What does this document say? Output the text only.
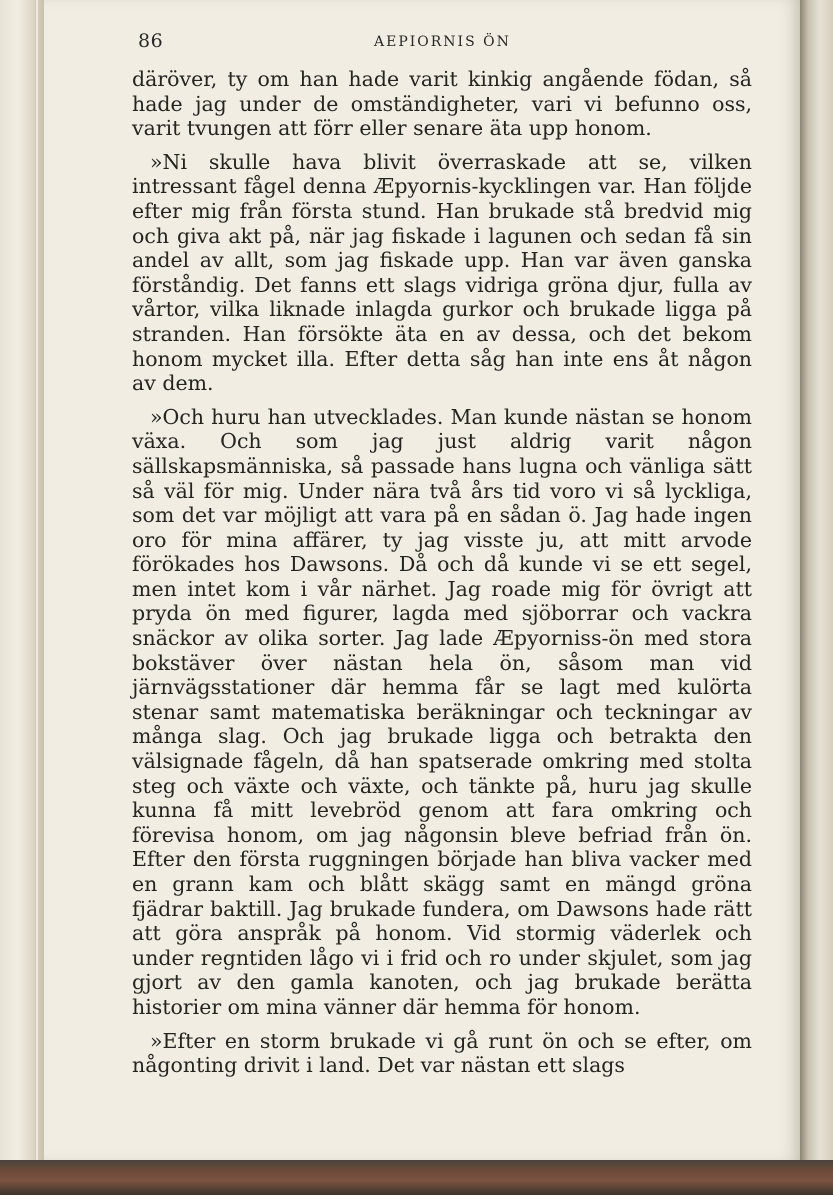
86	AEPIORNIS ÖN

däröver, ty om han hade varit kinkig angående födan, så hade jag under de omständigheter, vari vi befunno oss, varit tvungen att förr eller senare äta upp honom.

»Ni skulle hava blivit överraskade att se, vilken intressant fågel denna Æpyornis-kycklingen var. Han följde efter mig från första stund. Han brukade stå bredvid mig och giva akt på, när jag fiskade i lagunen och sedan få sin andel av allt, som jag fiskade upp. Han var även ganska förståndig. Det fanns ett slags vidriga gröna djur, fulla av vårtor, vilka liknade inlagda gurkor och brukade ligga på stranden. Han försökte äta en av dessa, och det bekom honom mycket illa. Efter detta såg han inte ens åt någon av dem.

»Och huru han utvecklades. Man kunde nästan se honom växa. Och som jag just aldrig varit någon sällskapsmänniska, så passade hans lugna och vänliga sätt så väl för mig. Under nära två års tid voro vi så lyckliga, som det var möjligt att vara på en sådan ö. Jag hade ingen oro för mina affärer, ty jag visste ju, att mitt arvode förökades hos Dawsons. Då och då kunde vi se ett segel, men intet kom i vår närhet. Jag roade mig för övrigt att pryda ön med figurer, lagda med sjöborrar och vackra snäckor av olika sorter. Jag lade Æpyorniss-ön med stora bokstäver över nästan hela ön, såsom man vid järnvägsstationer där hemma får se lagt med kulörta stenar samt matematiska beräkningar och teckningar av många slag. Och jag brukade ligga och betrakta den välsignade fågeln, då han spatserade omkring med stolta steg och växte och växte, och tänkte på, huru jag skulle kunna få mitt levebröd genom att fara omkring och förevisa honom, om jag någonsin bleve befriad från ön. Efter den första ruggningen började han bliva vacker med en grann kam och blått skägg samt en mängd gröna fjädrar baktill. Jag brukade fundera, om Dawsons hade rätt att göra anspråk på honom. Vid stormig väderlek och under regntiden lågo vi i frid och ro under skjulet, som jag gjort av den gamla kanoten, och jag brukade berätta historier om mina vänner där hemma för honom.

»Efter en storm brukade vi gå runt ön och se efter, om någonting drivit i land. Det var nästan ett slags
